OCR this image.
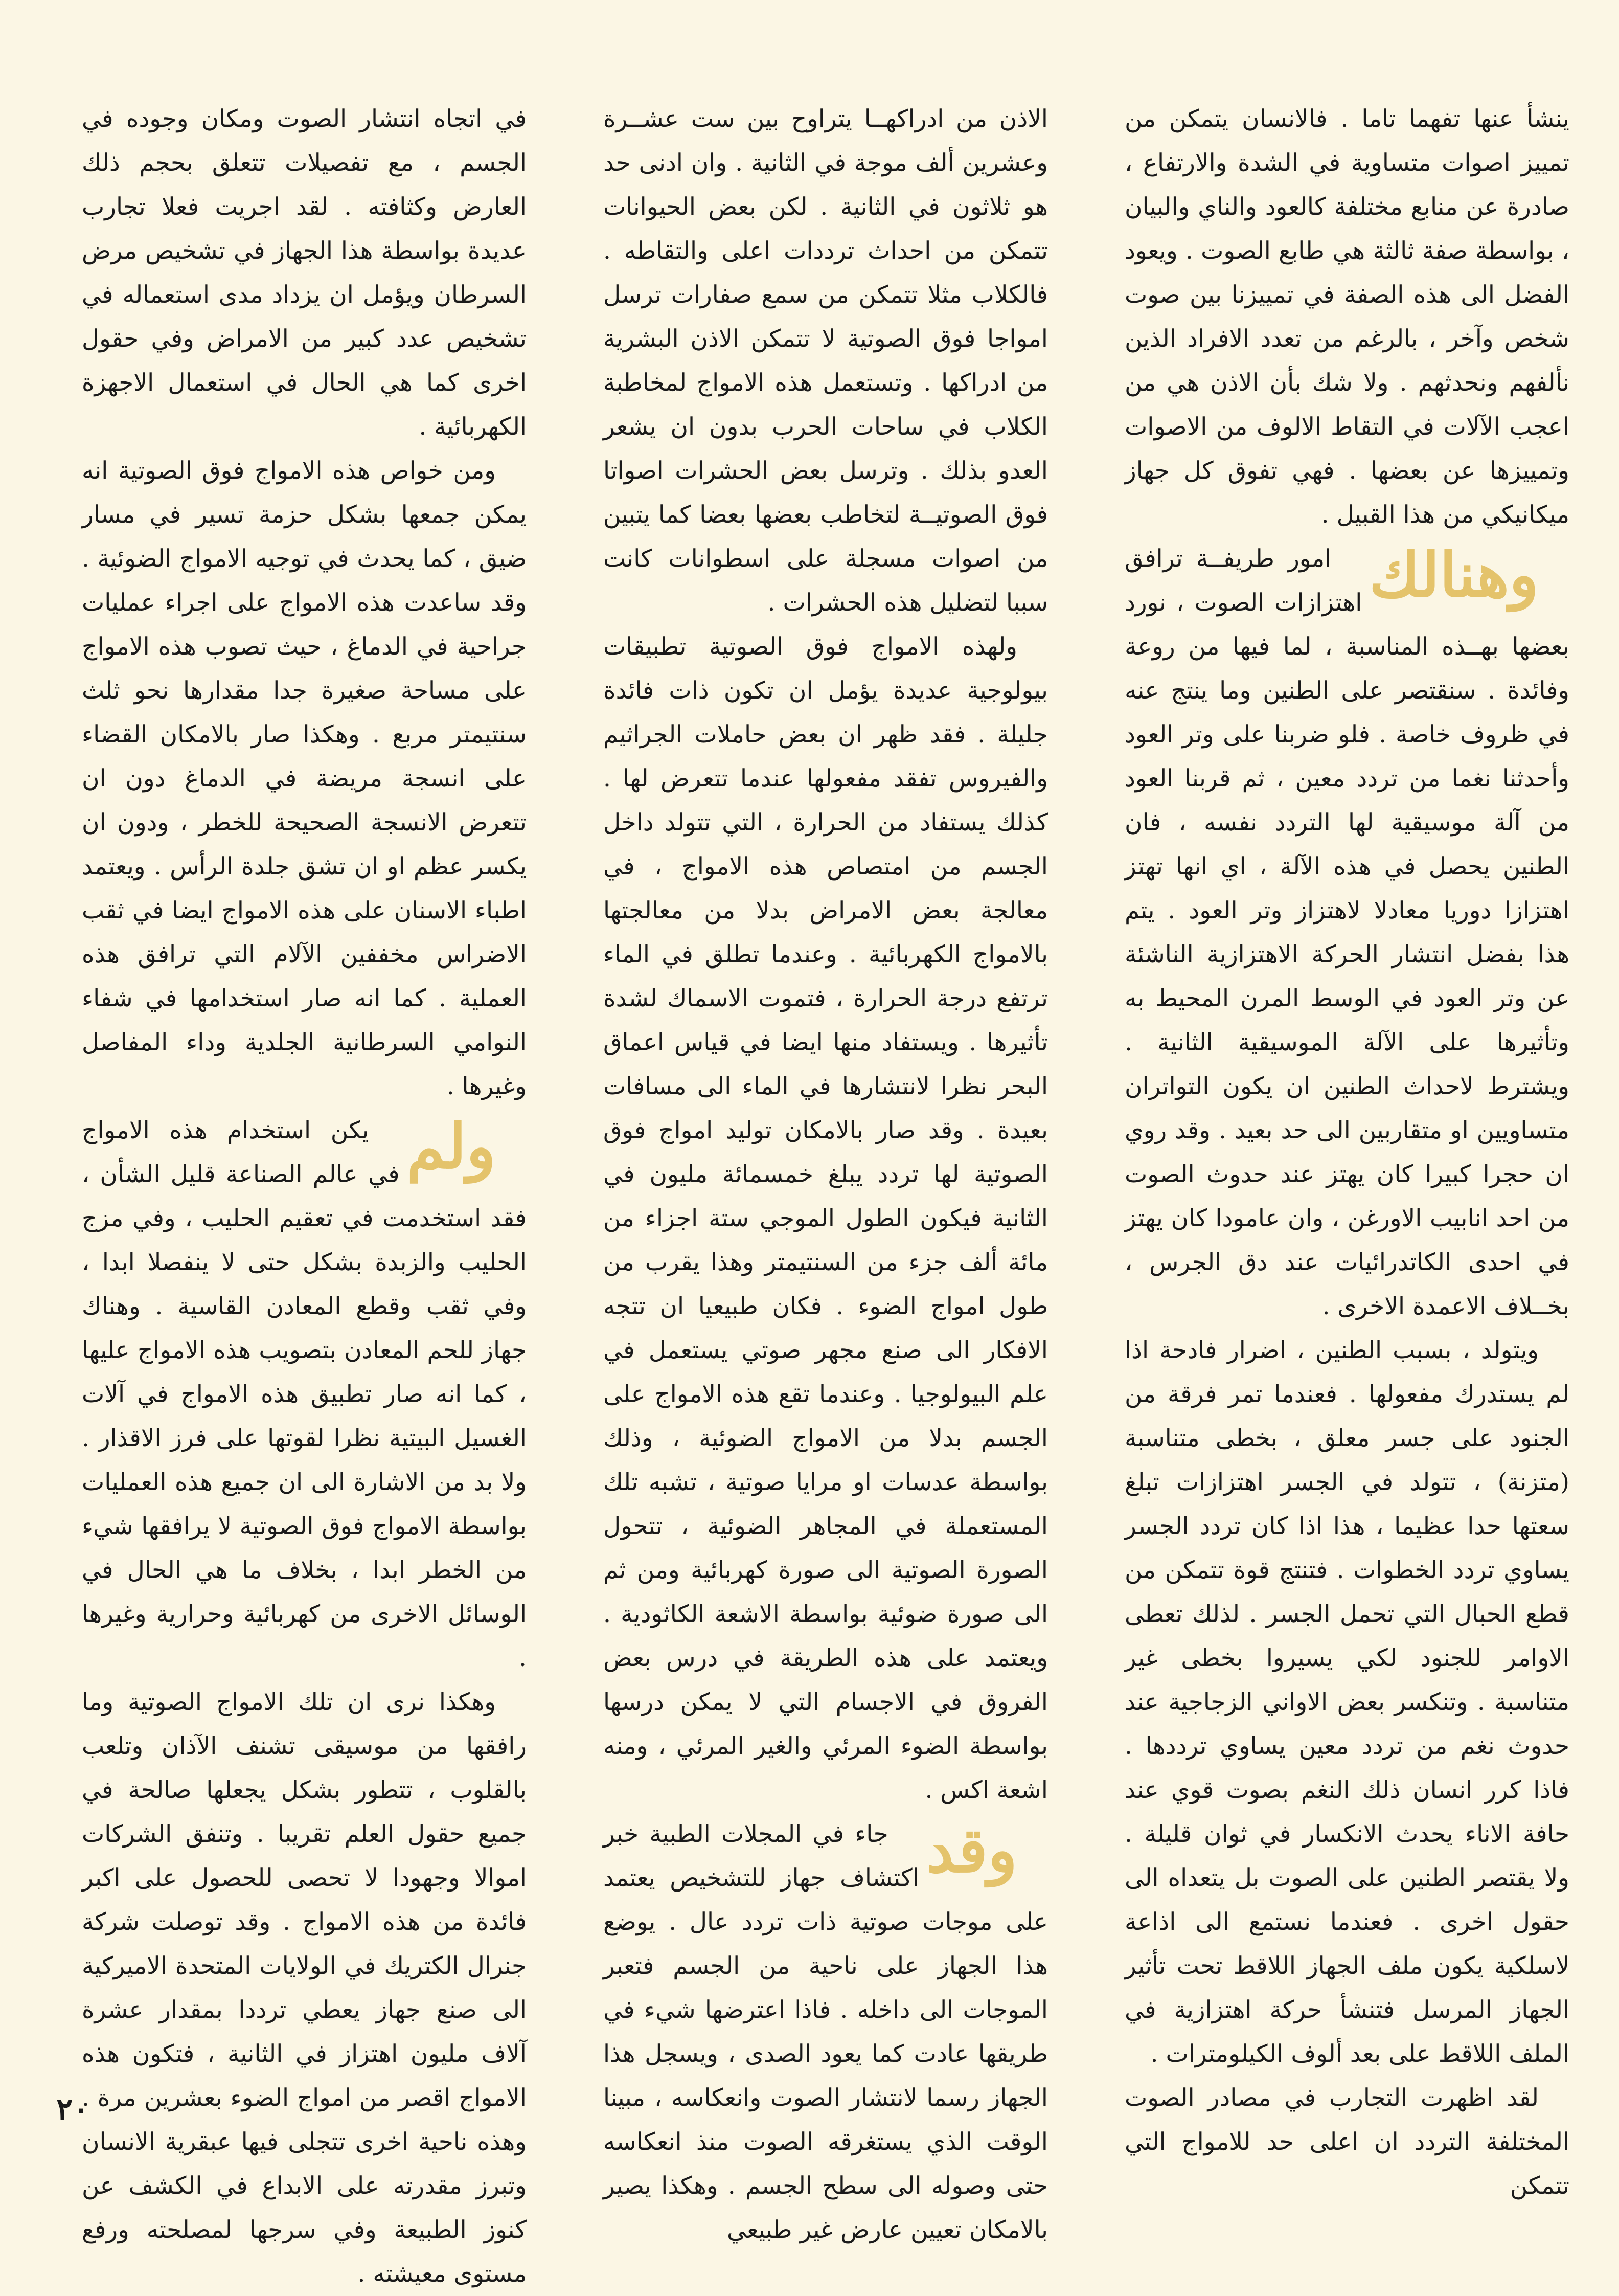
ينشأ عنها تفهما تاما . فالانسان يتمكن من تمييز اصوات متساوية في الشدة والارتفاع ، صادرة عن منابع مختلفة كالعود والناي والبيان ، بواسطة صفة ثالثة هي طابع الصوت . ويعود الفضل الى هذه الصفة في تمييزنا بين صوت شخص وآخر ، بالرغم من تعدد الافراد الذين نألفهم ونحدثهم . ولا شك بأن الاذن هي من اعجب الآلات في التقاط الالوف من الاصوات وتمييزها عن بعضها . فهي تفوق كل جهاز ميكانيكي من هذا القبيل .

وهنالك
امور طريفــة ترافق اهتزازات الصوت ، نورد بعضها بهــذه المناسبة ، لما فيها من روعة وفائدة . سنقتصر على الطنين وما ينتج عنه في ظروف خاصة . فلو ضربنا على وتر العود وأحدثنا نغما من تردد معين ، ثم قربنا العود من آلة موسيقية لها التردد نفسه ، فان الطنين يحصل في هذه الآلة ، اي انها تهتز اهتزازا دوريا معادلا لاهتزاز وتر العود . يتم هذا بفضل انتشار الحركة الاهتزازية الناشئة عن وتر العود في الوسط المرن المحيط به وتأثيرها على الآلة الموسيقية الثانية . ويشترط لاحداث الطنين ان يكون التواتران متساويين او متقاربين الى حد بعيد . وقد روي ان حجرا كبيرا كان يهتز عند حدوث الصوت من احد انابيب الاورغن ، وان عامودا كان يهتز في احدى الكاتدرائيات عند دق الجرس ، بخــلاف الاعمدة الاخرى .

ويتولد ، بسبب الطنين ، اضرار فادحة اذا لم يستدرك مفعولها . فعندما تمر فرقة من الجنود على جسر معلق ، بخطى متناسبة (متزنة) ، تتولد في الجسر اهتزازات تبلغ سعتها حدا عظيما ، هذا اذا كان تردد الجسر يساوي تردد الخطوات . فتنتج قوة تتمكن من قطع الحبال التي تحمل الجسر . لذلك تعطى الاوامر للجنود لكي يسيروا بخطى غير متناسبة . وتنكسر بعض الاواني الزجاجية عند حدوث نغم من تردد معين يساوي ترددها . فاذا كرر انسان ذلك النغم بصوت قوي عند حافة الاناء يحدث الانكسار في ثوان قليلة . ولا يقتصر الطنين على الصوت بل يتعداه الى حقول اخرى . فعندما نستمع الى اذاعة لاسلكية يكون ملف الجهاز اللاقط تحت تأثير الجهاز المرسل فتنشأ حركة اهتزازية في الملف اللاقط على بعد ألوف الكيلومترات .

لقد اظهرت التجارب في مصادر الصوت المختلفة التردد ان اعلى حد للامواج التي تتمكن

الاذن من ادراكهــا يتراوح بين ست عشــرة وعشرين ألف موجة في الثانية . وان ادنى حد هو ثلاثون في الثانية . لكن بعض الحيوانات تتمكن من احداث ترددات اعلى والتقاطه . فالكلاب مثلا تتمكن من سمع صفارات ترسل امواجا فوق الصوتية لا تتمكن الاذن البشرية من ادراكها . وتستعمل هذه الامواج لمخاطبة الكلاب في ساحات الحرب بدون ان يشعر العدو بذلك . وترسل بعض الحشرات اصواتا فوق الصوتيــة لتخاطب بعضها بعضا كما يتبين من اصوات مسجلة على اسطوانات كانت سببا لتضليل هذه الحشرات .

ولهذه الامواج فوق الصوتية تطبيقات بيولوجية عديدة يؤمل ان تكون ذات فائدة جليلة . فقد ظهر ان بعض حاملات الجراثيم والفيروس تفقد مفعولها عندما تتعرض لها . كذلك يستفاد من الحرارة ، التي تتولد داخل الجسم من امتصاص هذه الامواج ، في معالجة بعض الامراض بدلا من معالجتها بالامواج الكهربائية . وعندما تطلق في الماء ترتفع درجة الحرارة ، فتموت الاسماك لشدة تأثيرها . ويستفاد منها ايضا في قياس اعماق البحر نظرا لانتشارها في الماء الى مسافات بعيدة . وقد صار بالامكان توليد امواج فوق الصوتية لها تردد يبلغ خمسمائة مليون في الثانية فيكون الطول الموجي ستة اجزاء من مائة ألف جزء من السنتيمتر وهذا يقرب من طول امواج الضوء . فكان طبيعيا ان تتجه الافكار الى صنع مجهر صوتي يستعمل في علم البيولوجيا . وعندما تقع هذه الامواج على الجسم بدلا من الامواج الضوئية ، وذلك بواسطة عدسات او مرايا صوتية ، تشبه تلك المستعملة في المجاهر الضوئية ، تتحول الصورة الصوتية الى صورة كهربائية ومن ثم الى صورة ضوئية بواسطة الاشعة الكاثودية . ويعتمد على هذه الطريقة في درس بعض الفروق في الاجسام التي لا يمكن درسها بواسطة الضوء المرئي والغير المرئي ، ومنه اشعة اكس .

وقد
جاء في المجلات الطبية خبر اكتشاف جهاز للتشخيص يعتمد على موجات صوتية ذات تردد عال . يوضع هذا الجهاز على ناحية من الجسم فتعبر الموجات الى داخله . فاذا اعترضها شيء في طريقها عادت كما يعود الصدى ، ويسجل هذا الجهاز رسما لانتشار الصوت وانعكاسه ، مبينا الوقت الذي يستغرقه الصوت منذ انعكاسه حتى وصوله الى سطح الجسم . وهكذا يصير بالامكان تعيين عارض غير طبيعي

في اتجاه انتشار الصوت ومكان وجوده في الجسم ، مع تفصيلات تتعلق بحجم ذلك العارض وكثافته . لقد اجريت فعلا تجارب عديدة بواسطة هذا الجهاز في تشخيص مرض السرطان ويؤمل ان يزداد مدى استعماله في تشخيص عدد كبير من الامراض وفي حقول اخرى كما هي الحال في استعمال الاجهزة الكهربائية .

ومن خواص هذه الامواج فوق الصوتية انه يمكن جمعها بشكل حزمة تسير في مسار ضيق ، كما يحدث في توجيه الامواج الضوئية . وقد ساعدت هذه الامواج على اجراء عمليات جراحية في الدماغ ، حيث تصوب هذه الامواج على مساحة صغيرة جدا مقدارها نحو ثلث سنتيمتر مربع . وهكذا صار بالامكان القضاء على انسجة مريضة في الدماغ دون ان تتعرض الانسجة الصحيحة للخطر ، ودون ان يكسر عظم او ان تشق جلدة الرأس . ويعتمد اطباء الاسنان على هذه الامواج ايضا في ثقب الاضراس مخففين الآلام التي ترافق هذه العملية . كما انه صار استخدامها في شفاء النوامي السرطانية الجلدية وداء المفاصل وغيرها .

ولم
يكن استخدام هذه الامواج في عالم الصناعة قليل الشأن ، فقد استخدمت في تعقيم الحليب ، وفي مزج الحليب والزبدة بشكل حتى لا ينفصلا ابدا ، وفي ثقب وقطع المعادن القاسية . وهناك جهاز للحم المعادن بتصويب هذه الامواج عليها ، كما انه صار تطبيق هذه الامواج في آلات الغسيل البيتية نظرا لقوتها على فرز الاقذار . ولا بد من الاشارة الى ان جميع هذه العمليات بواسطة الامواج فوق الصوتية لا يرافقها شيء من الخطر ابدا ، بخلاف ما هي الحال في الوسائل الاخرى من كهربائية وحرارية وغيرها .

وهكذا نرى ان تلك الامواج الصوتية وما رافقها من موسيقى تشنف الآذان وتلعب بالقلوب ، تتطور بشكل يجعلها صالحة في جميع حقول العلم تقريبا . وتنفق الشركات اموالا وجهودا لا تحصى للحصول على اكبر فائدة من هذه الامواج . وقد توصلت شركة جنرال الكتريك في الولايات المتحدة الاميركية الى صنع جهاز يعطي ترددا بمقدار عشرة آلاف مليون اهتزاز في الثانية ، فتكون هذه الامواج اقصر من امواج الضوء بعشرين مرة . وهذه ناحية اخرى تتجلى فيها عبقرية الانسان وتبرز مقدرته على الابداع في الكشف عن كنوز الطبيعة وفي سرجها لمصلحته ورفع مستوى معيشته .

٢٠
